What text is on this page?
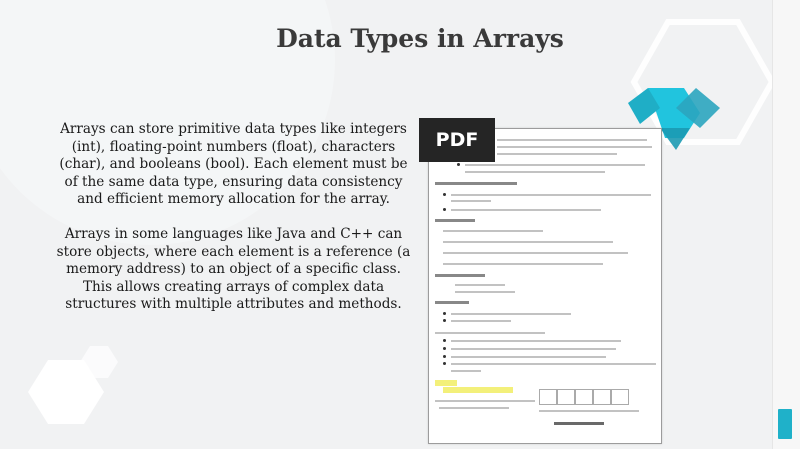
Data Types in Arrays

Arrays can store primitive data types like integers (int), floating-point numbers (float), characters (char), and booleans (bool). Each element must be of the same data type, ensuring data consistency and efficient memory allocation for the array.

Arrays in some languages like Java and C++ can store objects, where each element is a reference (a memory address) to an object of a specific class. This allows creating arrays of complex data structures with multiple attributes and methods.

PDF
